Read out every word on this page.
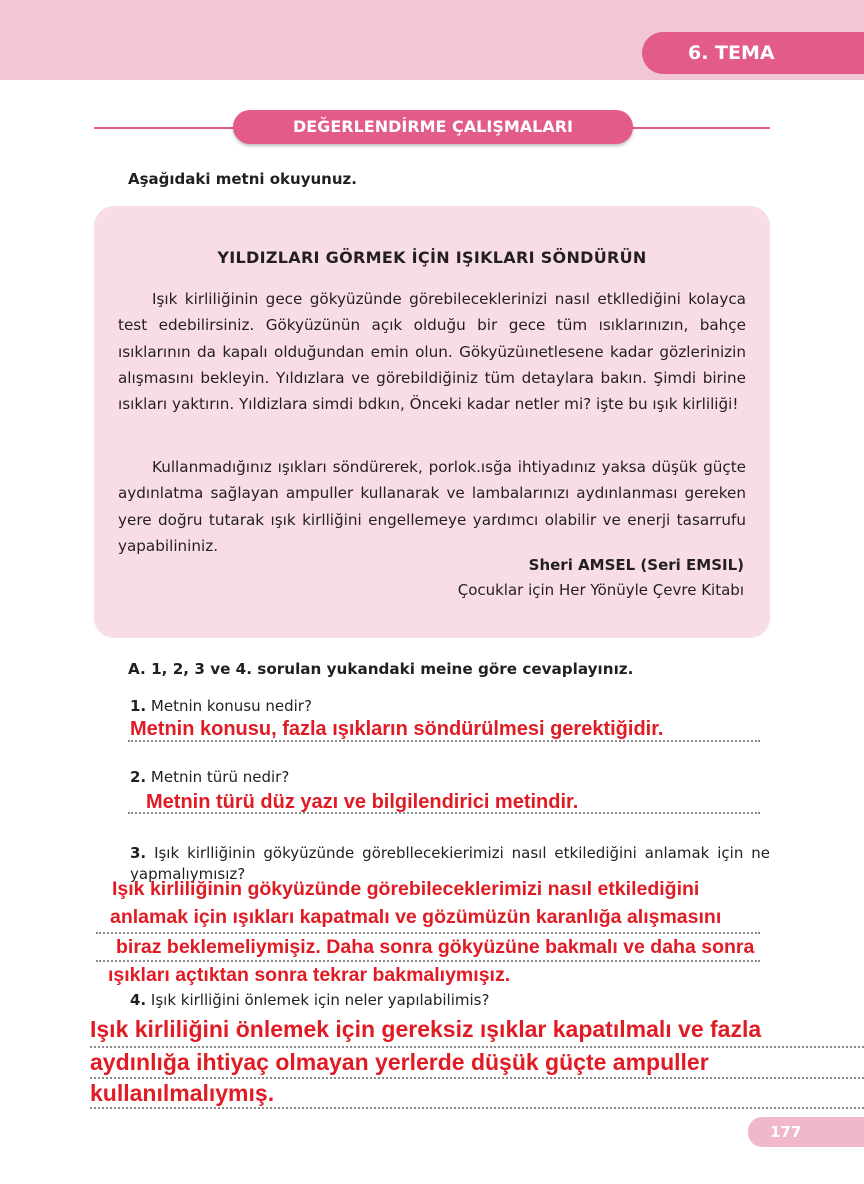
6. TEMA
DEĞERLENDİRME ÇALIŞMALARI
Aşağıdaki metni okuyunuz.
YILDIZLARI GÖRMEK İÇİN IŞIKLARI SÖNDÜRÜN

Işık kirliliğinin gece gökyüzünde görebileceklerinizi nasıl etkllediğini kolayca test edebilirsiniz. Gökyüzünün açık olduğu bir gece tüm ısıklarınızın, bahçe ısıklarının da kapalı olduğundan emin olun. Gökyüzüınetlesene kadar gözlerinizin alışmasını bekleyin. Yıldızlara ve görebildiğiniz tüm detaylara bakın. Şimdi birine ısıkları yaktırın. Yıldizlara simdi bdkın, Önceki kadar netler mi? işte bu ışık kirliliği!

Kullanmadığınız ışıkları söndürerek, porlok.ısğa ihtiyadınız yaksa düşük güçte aydınlatma sağlayan ampuller kullanarak ve lambalarınızı aydınlanması gereken yere doğru tutarak ışık kirlliğini engellemeye yardımcı olabilir ve enerji tasarrufu yapabilininiz.

Sheri AMSEL (Seri EMSIL)
Çocuklar için Her Yönüyle Çevre Kitabı
A. 1, 2, 3 ve 4. sorulan yukandaki meine göre cevaplayınız.
1. Metnin konusu nedir?
Metnin konusu, fazla ışıkların söndürülmesi gerektiğidir.
2. Metnin türü nedir?
Metnin türü düz yazı ve bilgilendirici metindir.
3. Işık kirlliğinin gökyüzünde görebllecekierimizi nasıl etkilediğini anlamak için ne yapmalıymısız?
Işık kirliliğinin gökyüzünde görebileceklerimizi nasıl etkilediğini
anlamak için ışıkları kapatmalı ve gözümüzün karanlığa alışmasını
biraz beklemeliymişiz. Daha sonra gökyüzüne bakmalı ve daha sonra
ışıkları açtıktan sonra tekrar bakmalıymışız.
4. Işık kirlliğini önlemek için neler yapılabilimis?
Işık kirliliğini önlemek için gereksiz ışıklar kapatılmalı ve fazla
aydınlığa ihtiyaç olmayan yerlerde düşük güçte ampuller
kullanılmalıymış.
177
